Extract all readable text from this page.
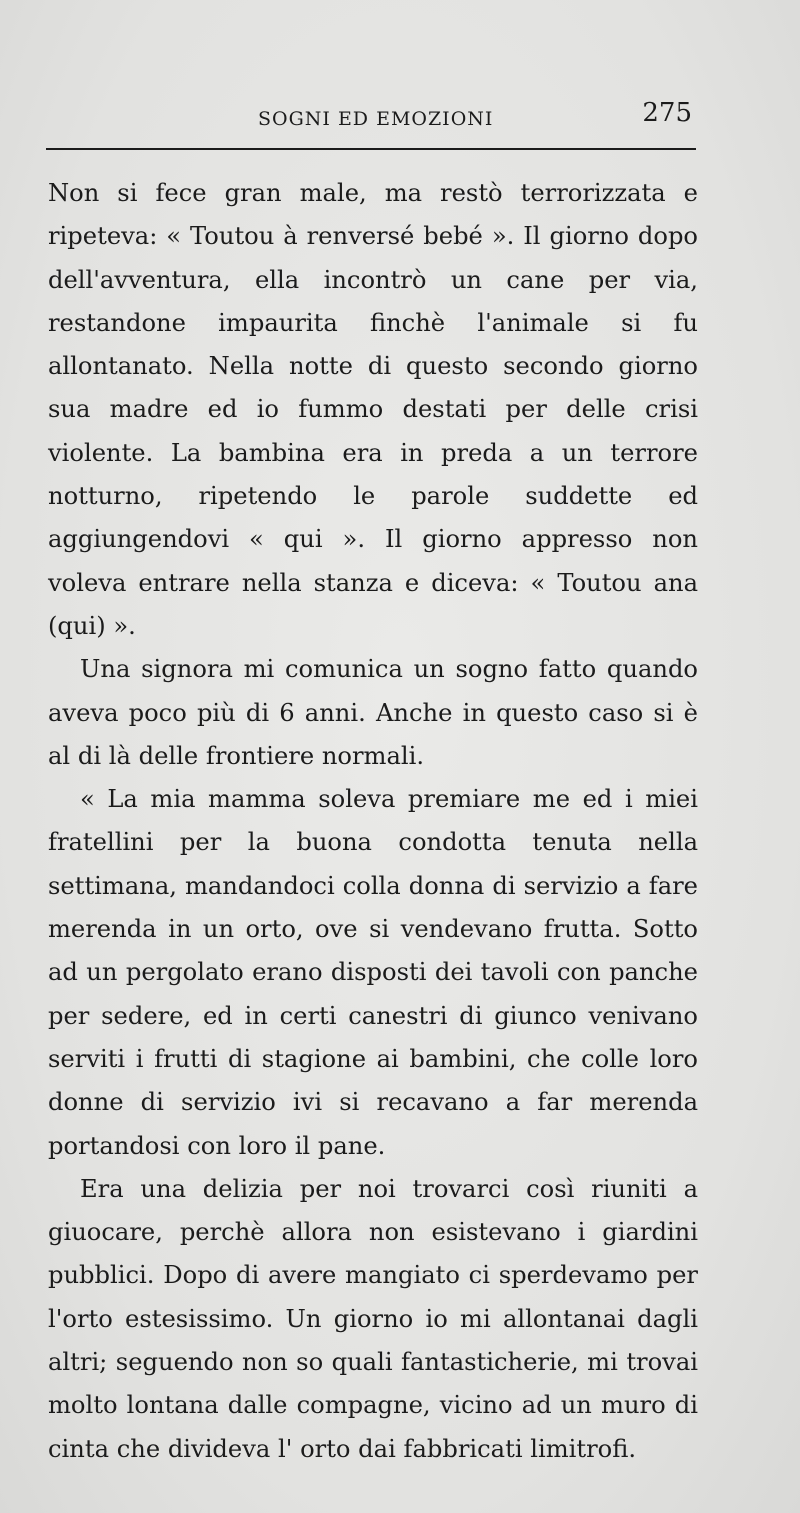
SOGNI ED EMOZIONI	275

Non si fece gran male, ma restò terrorizzata e ripeteva: « Toutou à renversé bebé ». Il giorno dopo dell'avventura, ella incontrò un cane per via, restandone impaurita finchè l'animale si fu allontanato. Nella notte di questo secondo giorno sua madre ed io fummo destati per delle crisi violente. La bambina era in preda a un terrore notturno, ripetendo le parole suddette ed aggiungendovi « qui ». Il giorno appresso non voleva entrare nella stanza e diceva: « Toutou ana (qui) ».

Una signora mi comunica un sogno fatto quando aveva poco più di 6 anni. Anche in questo caso si è al di là delle frontiere normali.

« La mia mamma soleva premiare me ed i miei fratellini per la buona condotta tenuta nella settimana, mandandoci colla donna di servizio a fare merenda in un orto, ove si vendevano frutta. Sotto ad un pergolato erano disposti dei tavoli con panche per sedere, ed in certi canestri di giunco venivano serviti i frutti di stagione ai bambini, che colle loro donne di servizio ivi si recavano a far merenda portandosi con loro il pane.

Era una delizia per noi trovarci così riuniti a giuocare, perchè allora non esistevano i giardini pubblici. Dopo di avere mangiato ci sperdevamo per l'orto estesissimo. Un giorno io mi allontanai dagli altri; seguendo non so quali fantasticherie, mi trovai molto lontana dalle compagne, vicino ad un muro di cinta che divideva l' orto dai fabbricati limitrofi.
